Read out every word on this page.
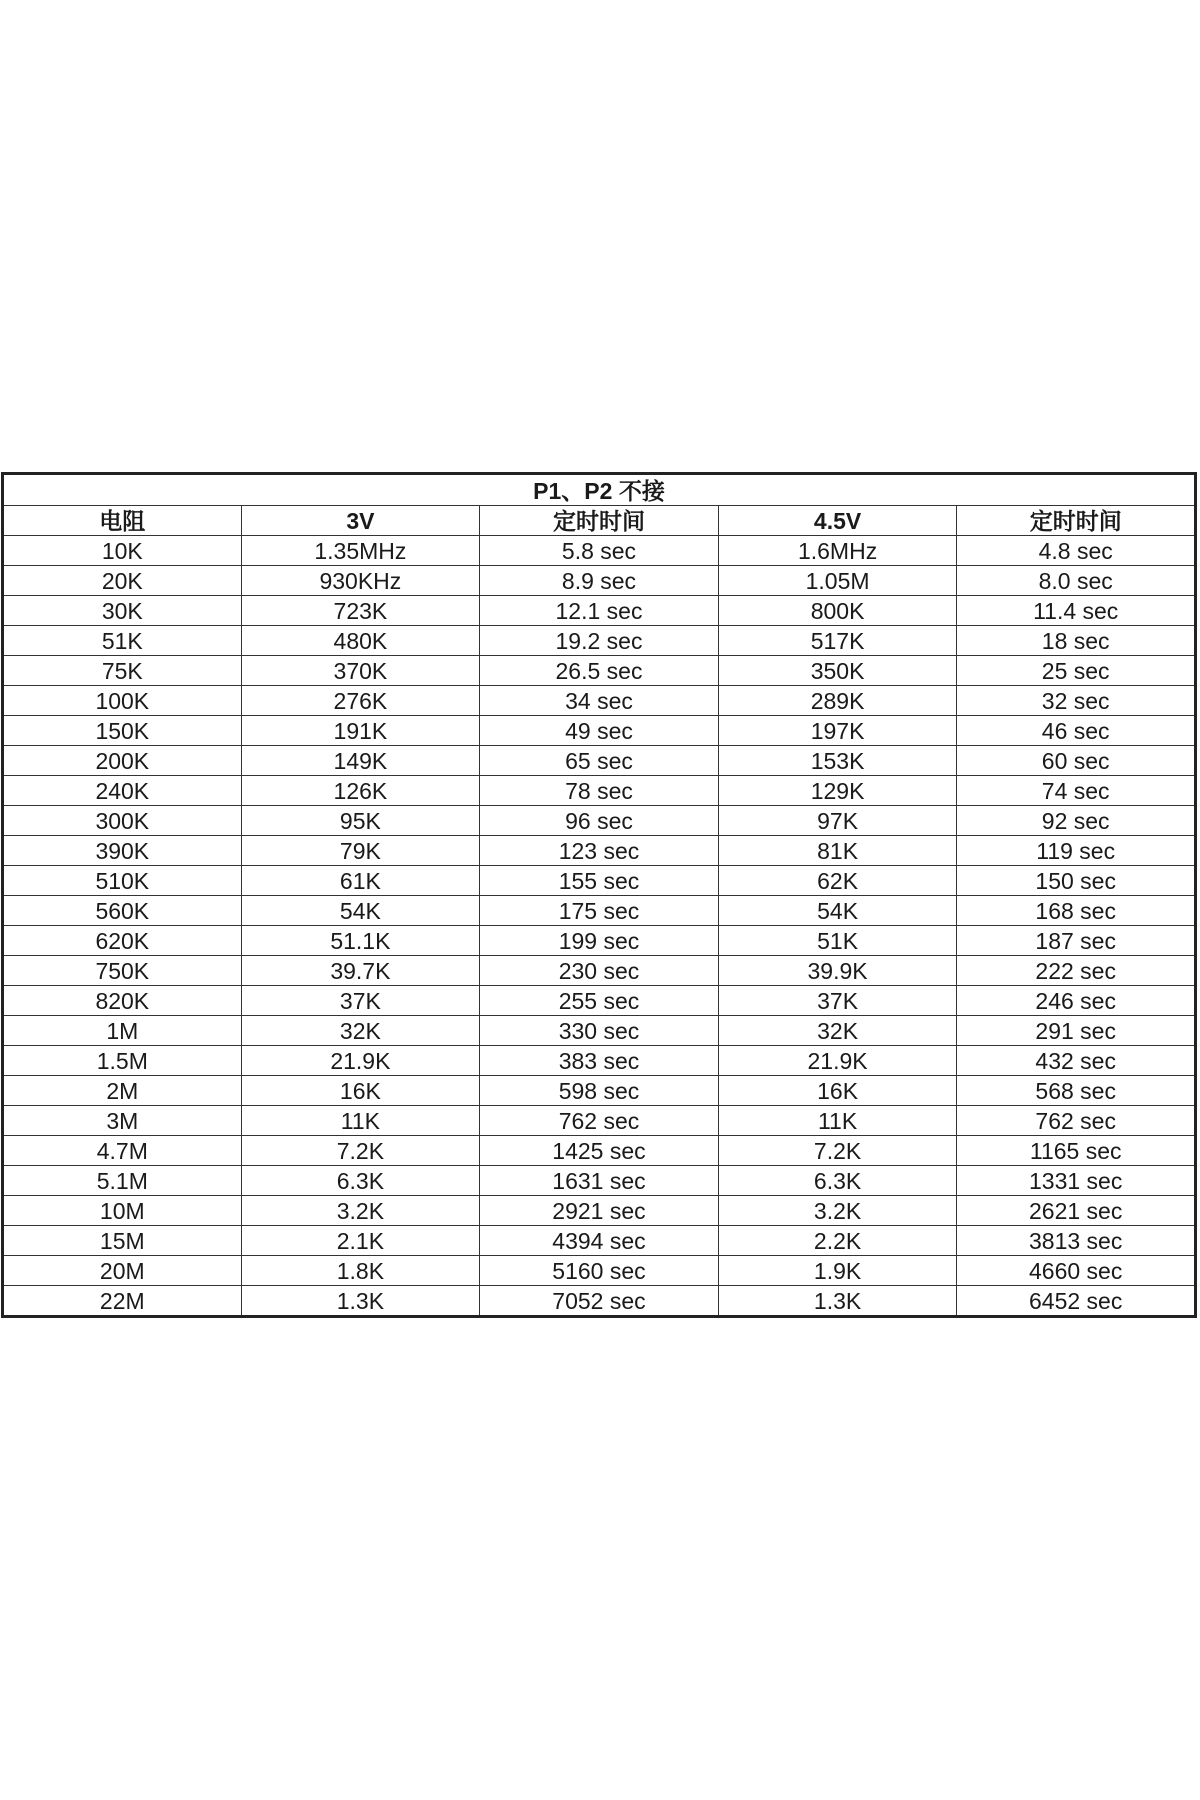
P1、P2 不接				
电阻	3V	定时时间	4.5V	定时时间
10K	1.35MHz	5.8 sec	1.6MHz	4.8 sec
20K	930KHz	8.9 sec	1.05M	8.0 sec
30K	723K	12.1 sec	800K	11.4 sec
51K	480K	19.2 sec	517K	18 sec
75K	370K	26.5 sec	350K	25 sec
100K	276K	34 sec	289K	32 sec
150K	191K	49 sec	197K	46 sec
200K	149K	65 sec	153K	60 sec
240K	126K	78 sec	129K	74 sec
300K	95K	96 sec	97K	92 sec
390K	79K	123 sec	81K	119 sec
510K	61K	155 sec	62K	150 sec
560K	54K	175 sec	54K	168 sec
620K	51.1K	199 sec	51K	187 sec
750K	39.7K	230 sec	39.9K	222 sec
820K	37K	255 sec	37K	246 sec
1M	32K	330 sec	32K	291 sec
1.5M	21.9K	383 sec	21.9K	432 sec
2M	16K	598 sec	16K	568 sec
3M	11K	762 sec	11K	762 sec
4.7M	7.2K	1425 sec	7.2K	1165 sec
5.1M	6.3K	1631 sec	6.3K	1331 sec
10M	3.2K	2921 sec	3.2K	2621 sec
15M	2.1K	4394 sec	2.2K	3813 sec
20M	1.8K	5160 sec	1.9K	4660 sec
22M	1.3K	7052 sec	1.3K	6452 sec
